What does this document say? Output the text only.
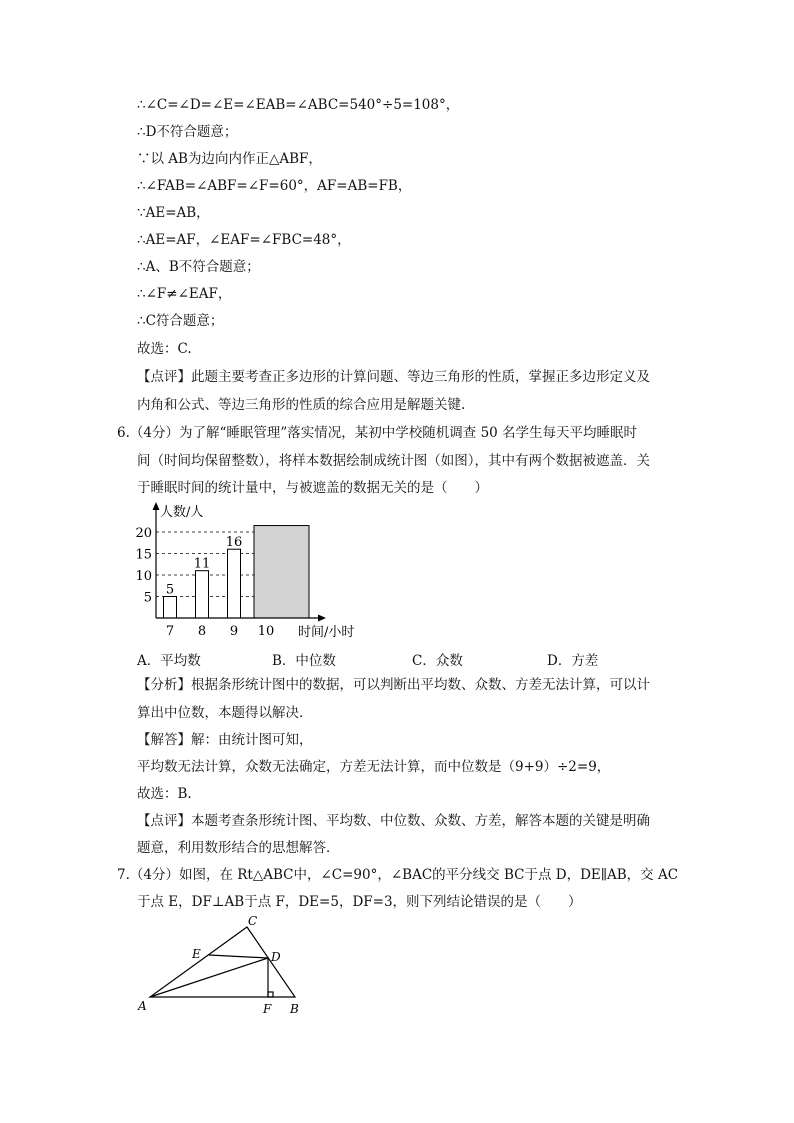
∴∠C=∠D=∠E=∠EAB=∠ABC=540°÷5=108°，
∴D不符合题意；
∵以 AB为边向内作正△ABF，
∴∠FAB=∠ABF=∠F=60°，AF=AB=FB，
∵AE=AB，
∴AE=AF，∠EAF=∠FBC=48°，
∴A、B不符合题意；
∴∠F≠∠EAF，
∴C符合题意；
故选：C.
【点评】此题主要考查正多边形的计算问题、等边三角形的性质，掌握正多边形定义及
内角和公式、等边三角形的性质的综合应用是解题关键.
6.（4分）为了解“睡眠管理”落实情况，某初中学校随机调查 50 名学生每天平均睡眠时
间（时间均保留整数），将样本数据绘制成统计图（如图），其中有两个数据被遮盖．关
于睡眠时间的统计量中，与被遮盖的数据无关的是（　　）
5
10
15
20
5
7
11
8
16
9 10
人数/人
时间/小时
A．平均数	B．中位数	C．众数	D．方差
【分析】根据条形统计图中的数据，可以判断出平均数、众数、方差无法计算，可以计
算出中位数，本题得以解决．
【解答】解：由统计图可知，
平均数无法计算，众数无法确定，方差无法计算，而中位数是（9+9）÷2=9，
故选：B.
【点评】本题考查条形统计图、平均数、中位数、众数、方差，解答本题的关键是明确
题意，利用数形结合的思想解答．
7.（4分）如图，在 Rt△ABC中，∠C=90°，∠BAC的平分线交 BC于点 D，DE∥AB，交 AC
于点 E，DF⊥AB于点 F，DE=5，DF=3，则下列结论错误的是（　　）
C
E	D
A	F B
